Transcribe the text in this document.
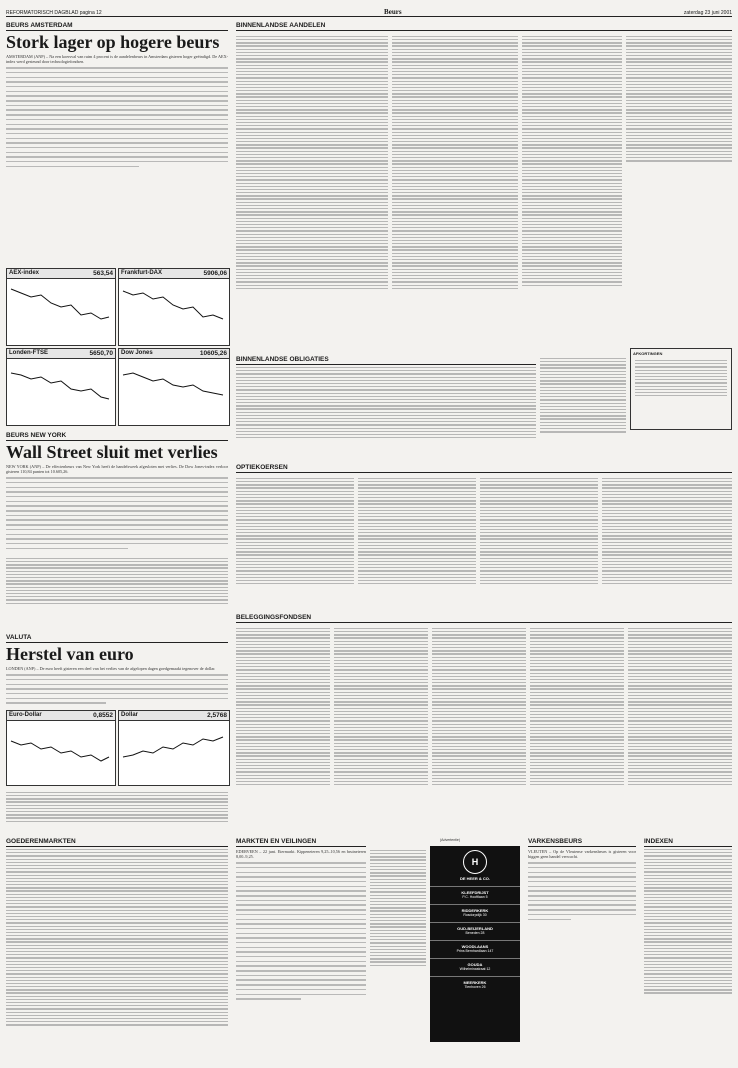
REFORMATORISCH DAGBLAD pagina 12	Beurs	zaterdag 23 juni 2001
BEURS AMSTERDAM
Stork lager op hogere beurs
AMSTERDAM (ANP) – Na een koersval van ruim 4 procent is de aandelenbeurs in Amsterdam gisteren hoger geëindigd. De AEX-index werd gesteund door technologiefondsen.
AEX-index	563,54	Frankfurt-DAX	5906,06
Londen-FTSE	5650,70	Dow Jones	10605,26
BEURS NEW YORK
Wall Street sluit met verlies
NEW YORK (ANP) – De effectenbeurs van New York heeft de handelsweek afgesloten met verlies. De Dow Jones-index verloor gisteren 110,84 punten tot 10.605,26.
VALUTA
Herstel van euro
LONDEN (ANP) – De euro heeft gisteren een deel van het verlies van de afgelopen dagen goedgemaakt tegenover de dollar.
Euro-Dollar	0,8552	Dollar	2,5768
GOEDERENMARKTEN
BINNENLANDSE AANDELEN
BINNENLANDSE OBLIGATIES
AFKORTINGEN
OPTIEKOERSEN
BELEGGINGSFONDSEN
MARKTEN EN VEILINGEN
EDERVEEN – 22 juni. Eiermarkt. Kippeneieren 9,25–10,56 en bruineieren 8,00–9,25.
(Advertentie)
H
DE HEER & CO.
KLEEFDRIJST
P.C. Hooftlaan 5
RIDDERKERK
Rosdorpdijk 30
OUD-BEIJERLAND
Beneden 28
WOODLAANS
Prins Bernhardlaan 147
GOUDA
Wilhelminastraat 12
MEERKERK
Tienhoven 26
VARKENSBEURS
VLEUTEN – Op de Vleutense varkensbeurs is gisteren voor biggen geen handel verwacht.
INDEXEN
